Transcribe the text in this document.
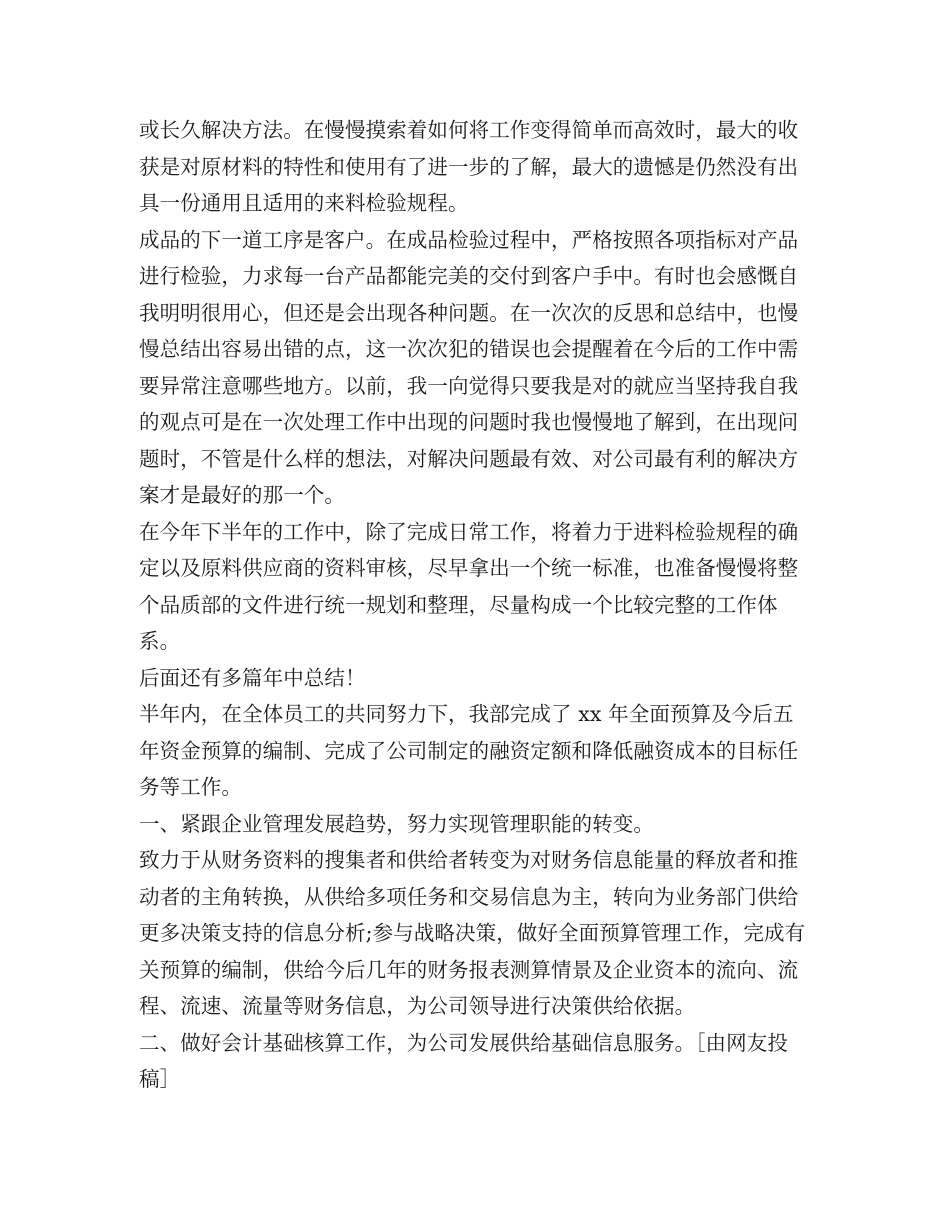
或长久解决方法。在慢慢摸索着如何将工作变得简单而高效时，最大的收获是对原材料的特性和使用有了进一步的了解，最大的遗憾是仍然没有出具一份通用且适用的来料检验规程。

成品的下一道工序是客户。在成品检验过程中，严格按照各项指标对产品进行检验，力求每一台产品都能完美的交付到客户手中。有时也会感慨自我明明很用心，但还是会出现各种问题。在一次次的反思和总结中，也慢慢总结出容易出错的点，这一次次犯的错误也会提醒着在今后的工作中需要异常注意哪些地方。以前，我一向觉得只要我是对的就应当坚持我自我的观点可是在一次处理工作中出现的问题时我也慢慢地了解到，在出现问题时，不管是什么样的想法，对解决问题最有效、对公司最有利的解决方案才是最好的那一个。

在今年下半年的工作中，除了完成日常工作，将着力于进料检验规程的确定以及原料供应商的资料审核，尽早拿出一个统一标准，也准备慢慢将整个品质部的文件进行统一规划和整理，尽量构成一个比较完整的工作体系。

后面还有多篇年中总结！

半年内，在全体员工的共同努力下，我部完成了 xx 年全面预算及今后五年资金预算的编制、完成了公司制定的融资定额和降低融资成本的目标任务等工作。

一、紧跟企业管理发展趋势，努力实现管理职能的转变。

致力于从财务资料的搜集者和供给者转变为对财务信息能量的释放者和推动者的主角转换，从供给多项任务和交易信息为主，转向为业务部门供给更多决策支持的信息分析;参与战略决策，做好全面预算管理工作，完成有关预算的编制，供给今后几年的财务报表测算情景及企业资本的流向、流程、流速、流量等财务信息，为公司领导进行决策供给依据。

二、做好会计基础核算工作，为公司发展供给基础信息服务。［由网友投稿］
